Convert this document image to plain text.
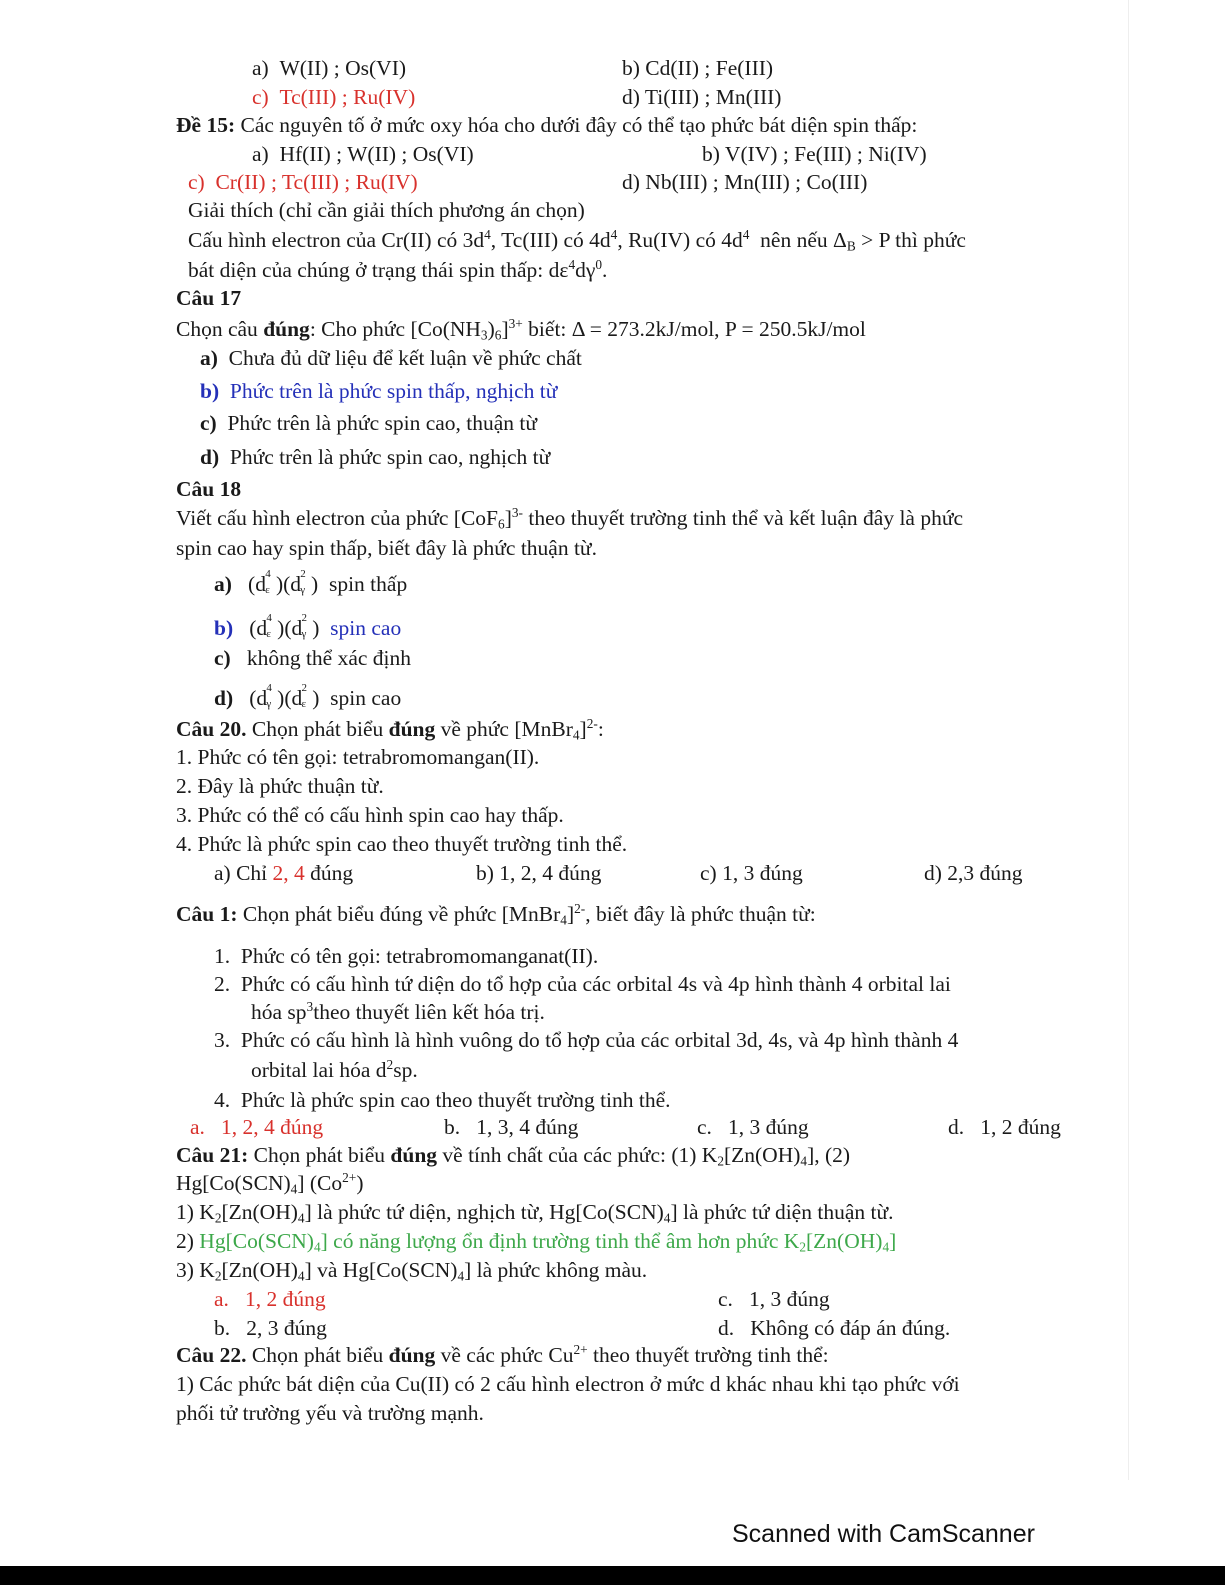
a) W(II) ; Os(VI)	b) Cd(II) ; Fe(III)
c) Tc(III) ; Ru(IV)	d) Ti(III) ; Mn(III)
Đề 15: Các nguyên tố ở mức oxy hóa cho dưới đây có thể tạo phức bát diện spin thấp:
a) Hf(II) ; W(II) ; Os(VI)	b) V(IV) ; Fe(III) ; Ni(IV)
c) Cr(II) ; Tc(III) ; Ru(IV)	d) Nb(III) ; Mn(III) ; Co(III)
Giải thích (chỉ cần giải thích phương án chọn)
Cấu hình electron của Cr(II) có $3d^4$, Tc(III) có $4d^4$, Ru(IV) có $4d^4$ nên nếu $\Delta_B > P$ thì phức
bát diện của chúng ở trạng thái spin thấp: $d\varepsilon^4d\gamma^0$.
Câu 17
Chọn câu đúng: Cho phức $[Co(NH_3)_6]^{3+}$ biết: Δ = 273.2kJ/mol, P = 250.5kJ/mol
a) Chưa đủ dữ liệu để kết luận về phức chất
b) Phức trên là phức spin thấp, nghịch từ
c) Phức trên là phức spin cao, thuận từ
d) Phức trên là phức spin cao, nghịch từ
Câu 18
Viết cấu hình electron của phức $[CoF_6]^{3-}$ theo thuyết trường tinh thể và kết luận đây là phức
spin cao hay spin thấp, biết đây là phức thuận từ.
a)   (d 4
ε )(d 2
γ )  spin thấp
b) (d 4
ε )(d 2
γ ) spin cao
c) không thể xác định
d)   (d 4
γ )(d 2
ε )  spin cao
Câu 20. Chọn phát biểu đúng về phức [MnBr$_4$]$^{2-}$:
1. Phức có tên gọi: tetrabromomangan(II).
2. Đây là phức thuận từ.
3. Phức có thể có cấu hình spin cao hay thấp.
4. Phức là phức spin cao theo thuyết trường tinh thể.
a) Chỉ 2, 4 đúng	b) 1, 2, 4 đúng	c) 1, 3 đúng	d) 2,3 đúng
Câu 1: Chọn phát biểu đúng về phức [MnBr$_4$]$^{2-}$, biết đây là phức thuận từ:
1. Phức có tên gọi: tetrabromomanganat(II).
2. Phức có cấu hình tứ diện do tổ hợp của các orbital 4s và 4p hình thành 4 orbital lai
hóa $sp^3theo$ thuyết liên kết hóa trị.
3. Phức có cấu hình là hình vuông do tổ hợp của các orbital 3d, 4s, và 4p hình thành 4
orbital lai hóa $d^2sp$.
4. Phức là phức spin cao theo thuyết trường tinh thể.
a. 1, 2, 4 đúng	b. 1, 3, 4 đúng	c. 1, 3 đúng	d. 1, 2 đúng
Câu 21: Chọn phát biểu đúng về tính chất của các phức: (1) $K_2[Zn(OH)_4]$, (2)
$Hg[Co(SCN)_4]$ $(Co^{2+})$
1) $K_2[Zn(OH)_4]$ là phức tứ diện, nghịch từ, $Hg[Co(SCN)_4]$ là phức tứ diện thuận từ.
2) $Hg[Co(SCN)_4]$ có năng lượng ổn định trường tinh thể âm hơn phức $K_2[Zn(OH)_4]$
3) $K_2[Zn(OH)_4]$ và $Hg[Co(SCN)_4]$ là phức không màu.
a. 1, 2 đúng	c. 1, 3 đúng
b. 2, 3 đúng	d. Không có đáp án đúng.
Câu 22. Chọn phát biểu đúng về các phức $Cu^{2+}$ theo thuyết trường tinh thể:
1) Các phức bát diện của Cu(II) có 2 cấu hình electron ở mức d khác nhau khi tạo phức với
phối tử trường yếu và trường mạnh.
Scanned with CamScanner
